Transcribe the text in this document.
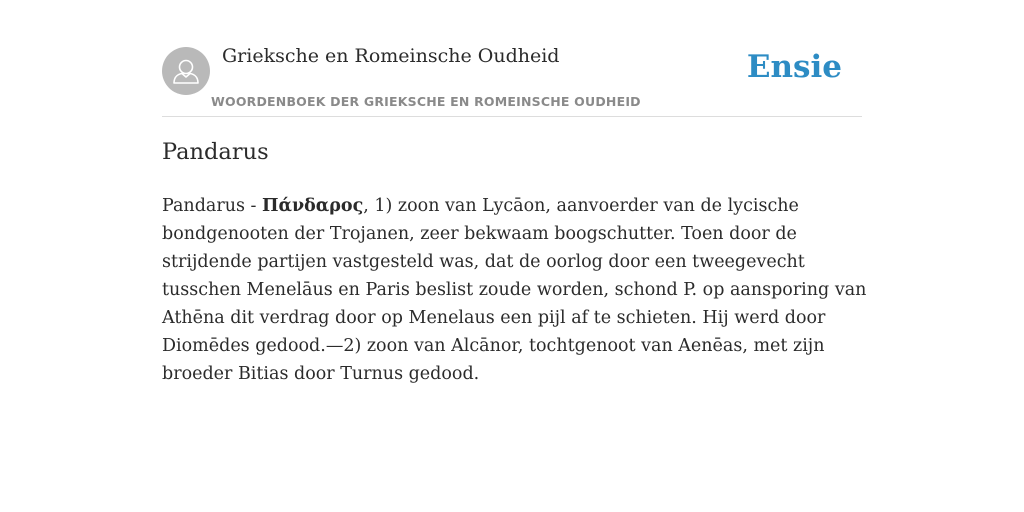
Grieksche en Romeinsche Oudheid
WOORDENBOEK DER GRIEKSCHE EN ROMEINSCHE OUDHEID
Ensie
Pandarus

Pandarus - Πάνδαρος, 1) zoon van Lycāon, aanvoerder van de lycische bondgenooten der Trojanen, zeer bekwaam boogschutter. Toen door de strijdende partijen vastgesteld was, dat de oorlog door een tweegevecht tusschen Menelāus en Paris beslist zoude worden, schond P. op aansporing van Athēna dit verdrag door op Menelaus een pijl af te schieten. Hij werd door Diomēdes gedood.—2) zoon van Alcānor, tochtgenoot van Aenēas, met zijn broeder Bitias door Turnus gedood.
